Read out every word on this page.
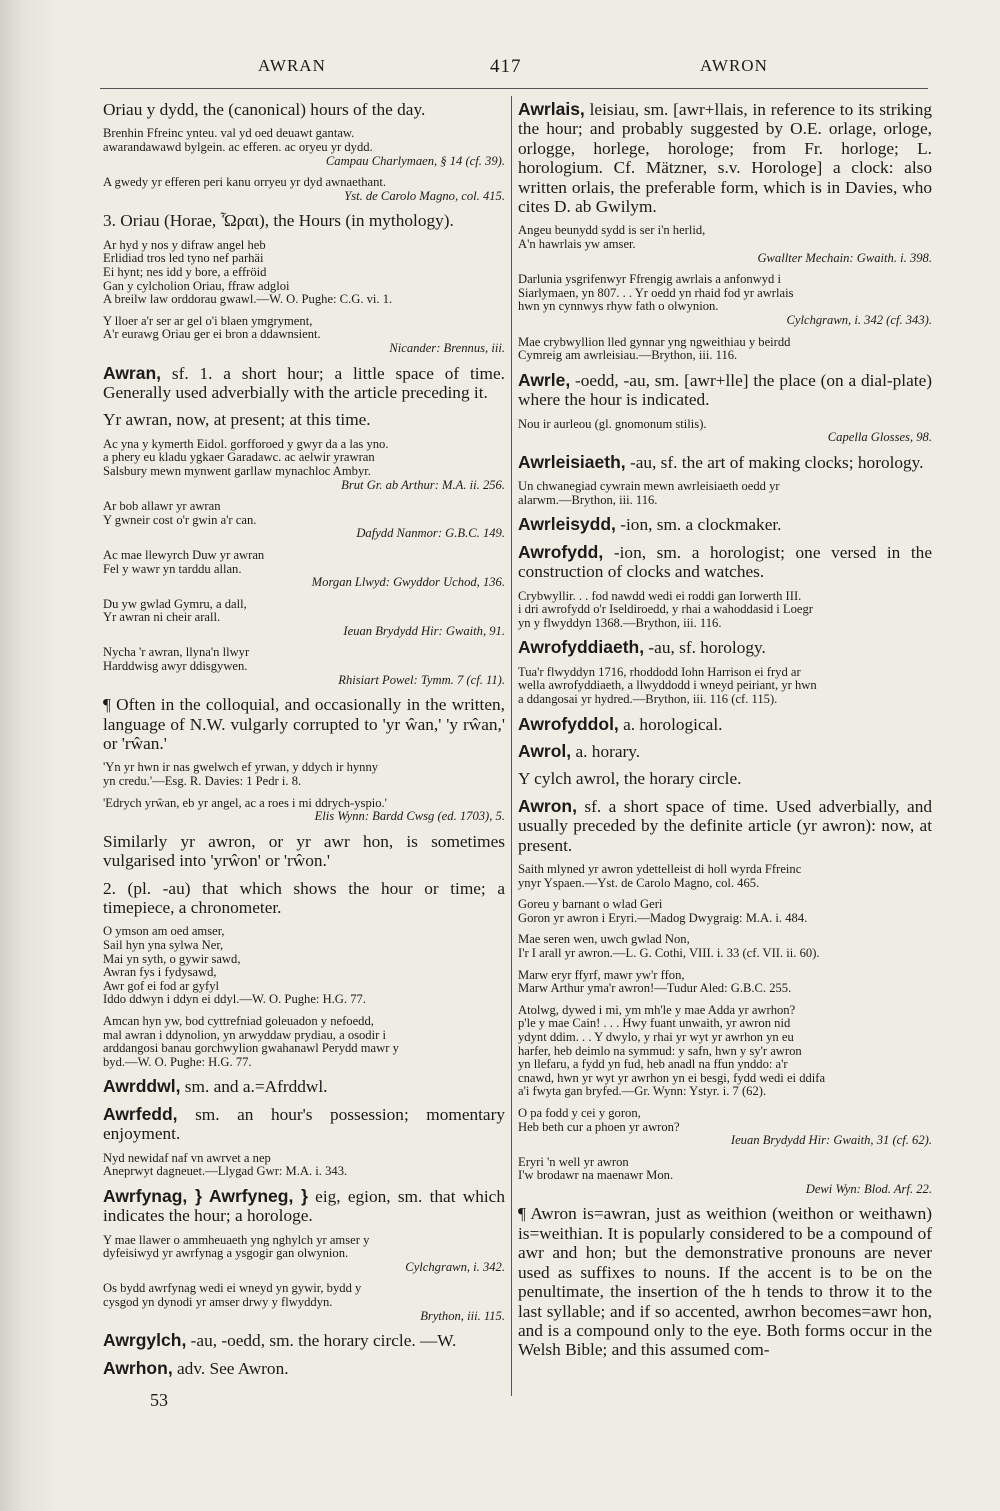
AWRAN	417	AWRON

Oriau y dydd, the (canonical) hours of the day.

Brenhin Ffreinc ynteu. val yd oed deuawt gantaw.
awarandawawd bylgein. ac efferen. ac oryeu yr dydd.
Campau Charlymaen, § 14 (cf. 39).

A gwedy yr efferen peri kanu orryeu yr dyd awnaethant.
Yst. de Carolo Magno, col. 415.

3. Oriau (Horae, Ὧραι), the Hours (in mythology).

Ar hyd y nos y difraw angel heb
Erlidiad tros led tyno nef parhäi
Ei hynt; nes idd y bore, a effröid
Gan y cylcholion Oriau, ffraw adgloi
A breilw law orddorau gwawl.—W. O. Pughe: C.G. vi. 1.

Y lloer a'r ser ar gel o'i blaen ymgryment,
A'r eurawg Oriau ger ei bron a ddawnsient.
Nicander: Brennus, iii.

Awran, sf. 1. a short hour; a little space of time. Generally used adverbially with the article preceding it.

Yr awran, now, at present; at this time.

Ac yna y kymerth Eidol. gorfforoed y gwyr da a las yno.
a phery eu kladu ygkaer Garadawc. ac aelwir yrawran
Salsbury mewn mynwent garllaw mynachloc Ambyr.
Brut Gr. ab Arthur: M.A. ii. 256.

Ar bob allawr yr awran
Y gwneir cost o'r gwin a'r can.
Dafydd Nanmor: G.B.C. 149.

Ac mae llewyrch Duw yr awran
Fel y wawr yn tarddu allan.
Morgan Llwyd: Gwyddor Uchod, 136.

Du yw gwlad Gymru, a dall,
Yr awran ni cheir arall.
Ieuan Brydydd Hir: Gwaith, 91.

Nycha 'r awran, llyna'n llwyr
Harddwisg awyr ddisgywen.
Rhisiart Powel: Tymm. 7 (cf. 11).

¶ Often in the colloquial, and occasionally in the written, language of N.W. vulgarly corrupted to 'yr ŵan,' 'y rŵan,' or 'rŵan.'

'Yn yr hwn ir nas gwelwch ef yrwan, y ddych ir hynny
yn credu.'—Esg. R. Davies: 1 Pedr i. 8.

'Edrych yrŵan, eb yr angel, ac a roes i mi ddrych-yspio.'
Elis Wynn: Bardd Cwsg (ed. 1703), 5.

Similarly yr awron, or yr awr hon, is sometimes vulgarised into 'yrŵon' or 'rŵon.'

2. (pl. -au) that which shows the hour or time; a timepiece, a chronometer.

O ymson am oed amser,
Sail hyn yna sylwa Ner,
Mai yn syth, o gywir sawd,
Awran fys i fydysawd,
Awr gof ei fod ar gyfyl
Iddo ddwyn i ddyn ei ddyl.—W. O. Pughe: H.G. 77.

Amcan hyn yw, bod cyttrefniad goleuadon y nefoedd,
mal awran i ddynolion, yn arwyddaw prydiau, a osodir i
arddangosi banau gorchwylion gwahanawl Perydd mawr y
byd.—W. O. Pughe: H.G. 77.

Awrddwl, sm. and a.=Afrddwl.

Awrfedd, sm. an hour's possession; momentary enjoyment.

Nyd newidaf naf vn awrvet a nep
Aneprwyt dagneuet.—Llygad Gwr: M.A. i. 343.

Awrfynag, } Awrfyneg, } eig, egion, sm. that which indicates the hour; a horologe.

Y mae llawer o ammheuaeth yng nghylch yr amser y
dyfeisiwyd yr awrfynag a ysgogir gan olwynion.
Cylchgrawn, i. 342.

Os bydd awrfynag wedi ei wneyd yn gywir, bydd y
cysgod yn dynodi yr amser drwy y flwyddyn.
Brython, iii. 115.

Awrgylch, -au, -oedd, sm. the horary circle. —W.

Awrhon, adv. See Awron.

Awrlais, leisiau, sm. [awr+llais, in reference to its striking the hour; and probably suggested by O.E. orlage, orloge, orlogge, horlege, horologe; from Fr. horloge; L. horologium. Cf. Mätzner, s.v. Horologe] a clock: also written orlais, the preferable form, which is in Davies, who cites D. ab Gwilym.

Angeu beunydd sydd is ser i'n herlid,
A'n hawrlais yw amser.
Gwallter Mechain: Gwaith. i. 398.

Darlunia ysgrifenwyr Ffrengig awrlais a anfonwyd i
Siarlymaen, yn 807. . . Yr oedd yn rhaid fod yr awrlais
hwn yn cynnwys rhyw fath o olwynion.
Cylchgrawn, i. 342 (cf. 343).

Mae crybwyllion lled gynnar yng ngweithiau y beirdd
Cymreig am awrleisiau.—Brython, iii. 116.

Awrle, -oedd, -au, sm. [awr+lle] the place (on a dial-plate) where the hour is indicated.

Nou ir aurleou (gl. gnomonum stilis).
Capella Glosses, 98.

Awrleisiaeth, -au, sf. the art of making clocks; horology.

Un chwanegiad cywrain mewn awrleisiaeth oedd yr
alarwm.—Brython, iii. 116.

Awrleisydd, -ion, sm. a clockmaker.

Awrofydd, -ion, sm. a horologist; one versed in the construction of clocks and watches.

Crybwyllir. . . fod nawdd wedi ei roddi gan Iorwerth III.
i dri awrofydd o'r Iseldiroedd, y rhai a wahoddasid i Loegr
yn y flwyddyn 1368.—Brython, iii. 116.

Awrofyddiaeth, -au, sf. horology.

Tua'r flwyddyn 1716, rhoddodd Iohn Harrison ei fryd ar
wella awrofyddiaeth, a llwyddodd i wneyd peiriant, yr hwn
a ddangosai yr hydred.—Brython, iii. 116 (cf. 115).

Awrofyddol, a. horological.

Awrol, a. horary.

Y cylch awrol, the horary circle.

Awron, sf. a short space of time. Used adverbially, and usually preceded by the definite article (yr awron): now, at present.

Saith mlyned yr awron ydettelleist di holl wyrda Ffreinc
ynyr Yspaen.—Yst. de Carolo Magno, col. 465.

Goreu y barnant o wlad Geri
Goron yr awron i Eryri.—Madog Dwygraig: M.A. i. 484.

Mae seren wen, uwch gwlad Non,
I'r I arall yr awron.—L. G. Cothi, VIII. i. 33 (cf. VII. ii. 60).

Marw eryr ffyrf, mawr yw'r ffon,
Marw Arthur yma'r awron!—Tudur Aled: G.B.C. 255.

Atolwg, dywed i mi, ym mh'le y mae Adda yr awrhon?
p'le y mae Cain! . . . Hwy fuant unwaith, yr awron nid
ydynt ddim. . . Y dwylo, y rhai yr wyt yr awrhon yn eu
harfer, heb deimlo na symmud: y safn, hwn y sy'r awron
yn llefaru, a fydd yn fud, heb anadl na ffun ynddo: a'r
cnawd, hwn yr wyt yr awrhon yn ei besgi, fydd wedi ei ddifa
a'i fwyta gan bryfed.—Gr. Wynn: Ystyr. i. 7 (62).

O pa fodd y cei y goron,
Heb beth cur a phoen yr awron?
Ieuan Brydydd Hir: Gwaith, 31 (cf. 62).

Eryri 'n well yr awron
I'w brodawr na maenawr Mon.
Dewi Wyn: Blod. Arf. 22.

¶ Awron is=awran, just as weithion (weithon or weithawn) is=weithian. It is popularly considered to be a compound of awr and hon; but the demonstrative pronouns are never used as suffixes to nouns. If the accent is to be on the penultimate, the insertion of the h tends to throw it to the last syllable; and if so accented, awrhon becomes=awr hon, and is a compound only to the eye. Both forms occur in the Welsh Bible; and this assumed com-

53
